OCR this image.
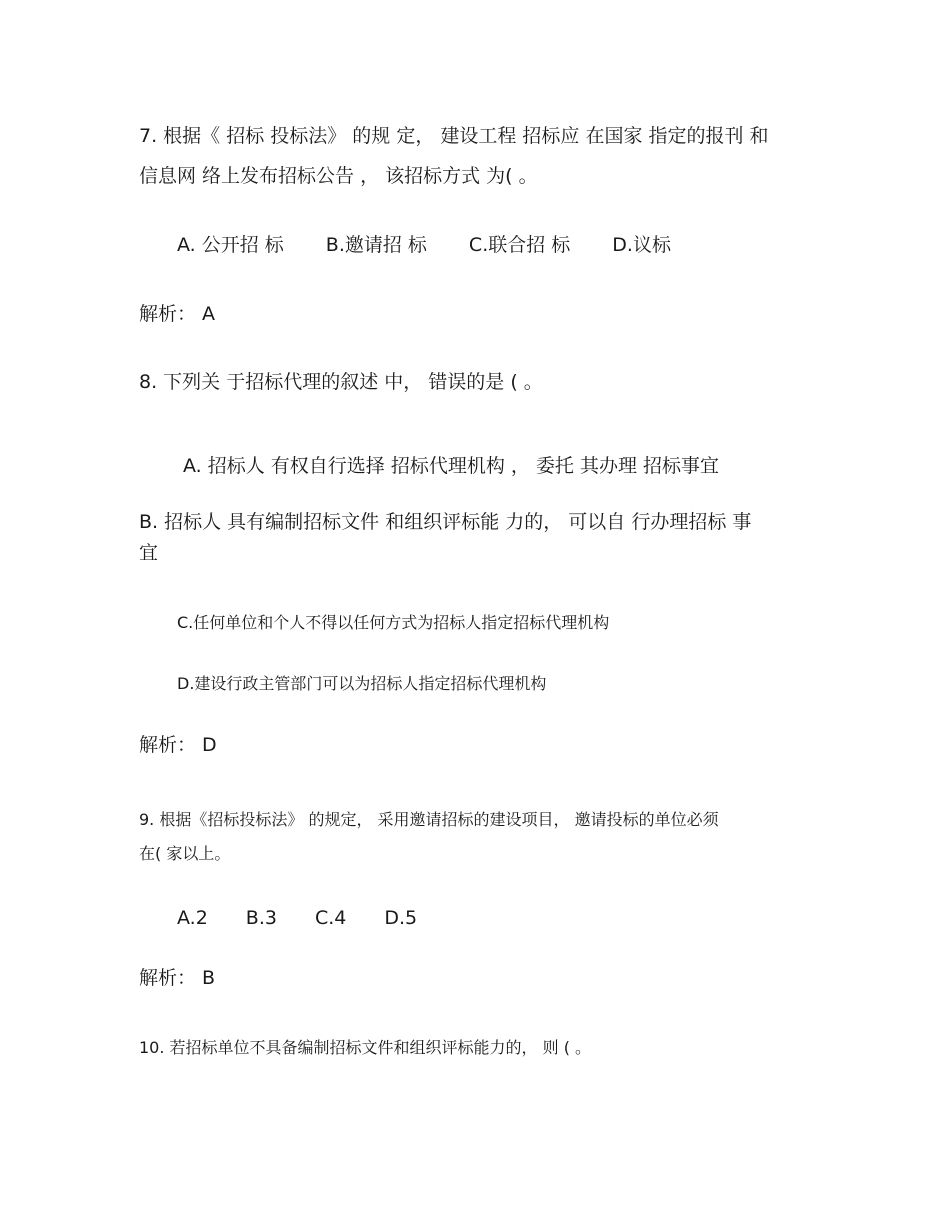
7. 根据《 招标 投标法》 的规 定， 建设工程 招标应 在国家 指定的报刊 和
信息网 络上发布招标公告 ， 该招标方式 为( 。
A. 公开招 标 B.邀请招 标 C.联合招 标 D.议标
解析： A
8. 下列关 于招标代理的叙述 中， 错误的是 ( 。
A. 招标人 有权自行选择 招标代理机构 ， 委托 其办理 招标事宜
B. 招标人 具有编制招标文件 和组织评标能 力的， 可以自 行办理招标 事
宜
C.任何单位和个人不得以任何方式为招标人指定招标代理机构
D.建设行政主管部门可以为招标人指定招标代理机构
解析： D
9. 根据《招标投标法》 的规定， 采用邀请招标的建设项目， 邀请投标的单位必须
在( 家以上。
A.2 B.3 C.4 D.5
解析： B
10. 若招标单位不具备编制招标文件和组织评标能力的， 则 ( 。
